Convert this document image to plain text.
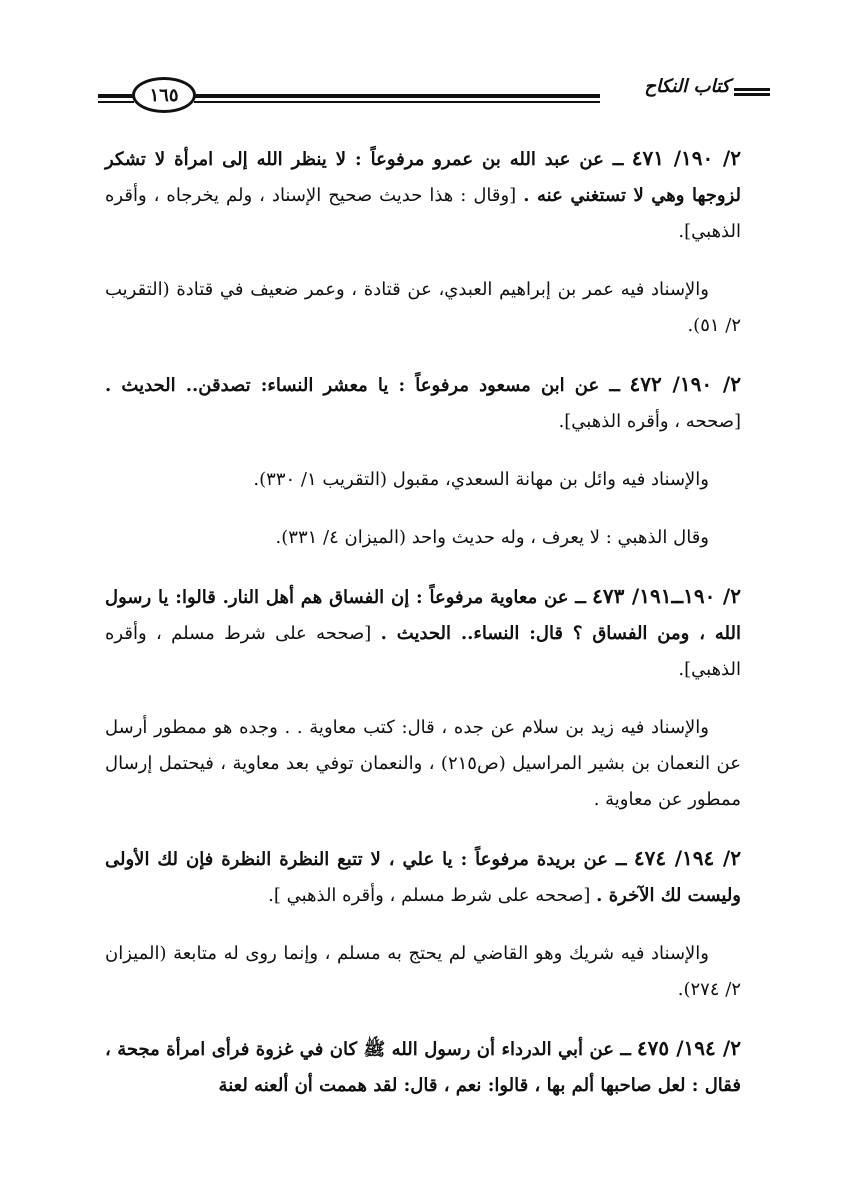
كتاب النكاح
١٦٥

٢/ ١٩٠/ ٤٧١ ــ عن عبد الله بن عمرو مرفوعاً : لا ينظر الله إلى امرأة لا تشكر لزوجها وهي لا تستغني عنه . [وقال : هذا حديث صحيح الإسناد ، ولم يخرجاه ، وأقره الذهبي].

والإسناد فيه عمر بن إبراهيم العبدي، عن قتادة ، وعمر ضعيف في قتادة (التقريب ٢/ ٥١).

٢/ ١٩٠/ ٤٧٢ ــ عن ابن مسعود مرفوعاً : يا معشر النساء: تصدقن.. الحديث . [صححه ، وأقره الذهبي].

والإسناد فيه وائل بن مهانة السعدي، مقبول (التقريب ١/ ٣٣٠).

وقال الذهبي : لا يعرف ، وله حديث واحد (الميزان ٤/ ٣٣١).

٢/ ١٩٠ــ١٩١/ ٤٧٣ ــ عن معاوية مرفوعاً : إن الفساق هم أهل النار. قالوا: يا رسول الله ، ومن الفساق ؟ قال: النساء.. الحديث . [صححه على شرط مسلم ، وأقره الذهبي].

والإسناد فيه زيد بن سلام عن جده ، قال: كتب معاوية . . وجده هو ممطور أرسل عن النعمان بن بشير المراسيل (ص٢١٥) ، والنعمان توفي بعد معاوية ، فيحتمل إرسال ممطور عن معاوية .

٢/ ١٩٤/ ٤٧٤ ــ عن بريدة مرفوعاً : يا علي ، لا تتبع النظرة النظرة فإن لك الأولى وليست لك الآخرة . [صححه على شرط مسلم ، وأقره الذهبي ].

والإسناد فيه شريك وهو القاضي لم يحتج به مسلم ، وإنما روى له متابعة (الميزان ٢/ ٢٧٤).

٢/ ١٩٤/ ٤٧٥ ــ عن أبي الدرداء أن رسول الله ﷺ كان في غزوة فرأى امرأة مجحة ، فقال : لعل صاحبها ألم بها ، قالوا: نعم ، قال: لقد هممت أن ألعنه لعنة
